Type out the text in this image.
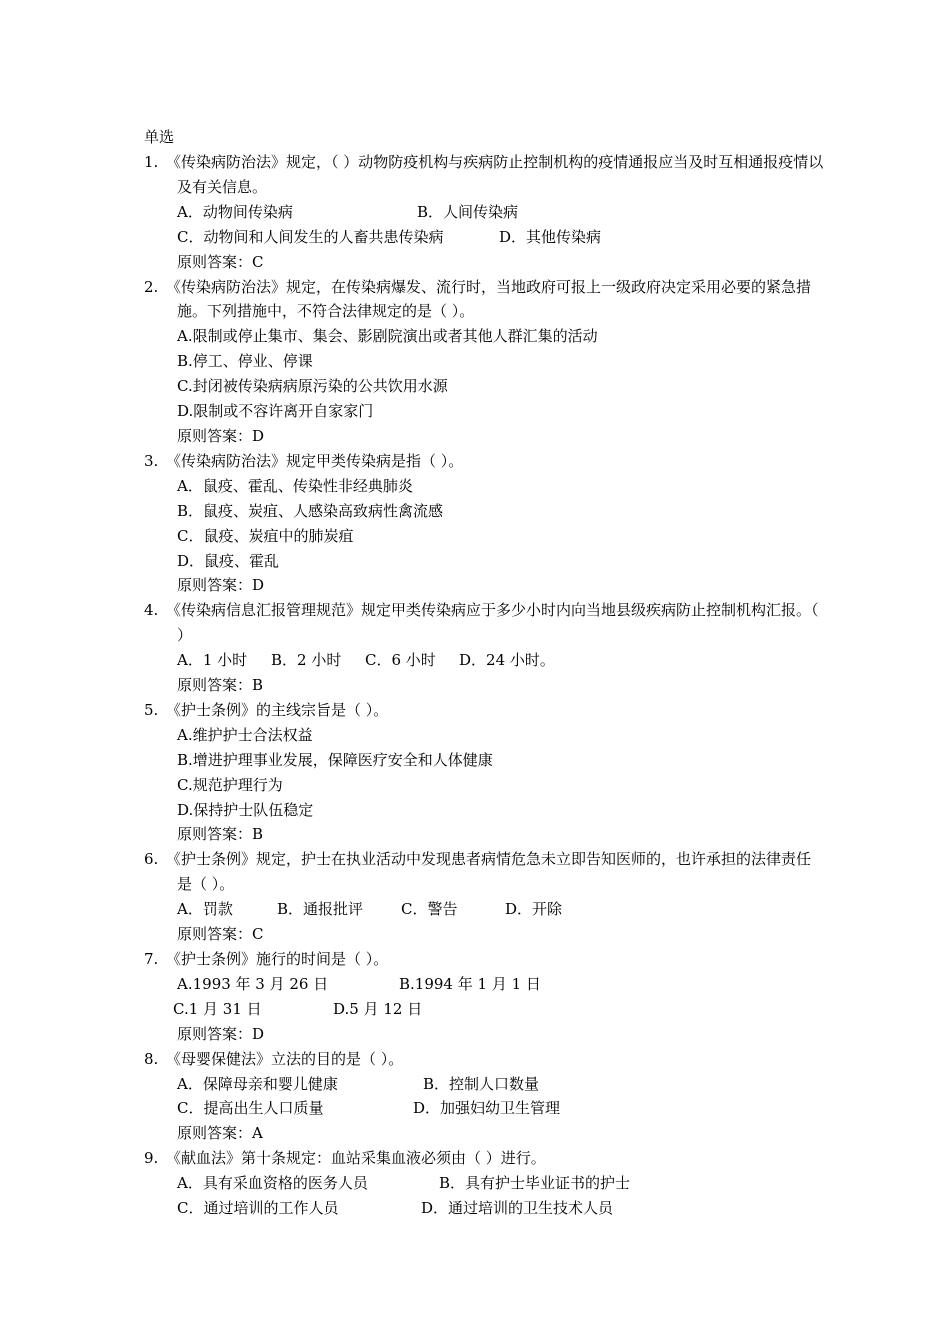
单选
1. 《传染病防治法》规定，（ ）动物防疫机构与疾病防止控制机构的疫情通报应当及时互相通报疫情以及有关信息。
A．动物间传染病	B．人间传染病
C．动物间和人间发生的人畜共患传染病	D．其他传染病
原则答案：C
2. 《传染病防治法》规定，在传染病爆发、流行时，当地政府可报上一级政府决定采用必要的紧急措施。下列措施中，不符合法律规定的是（ ）。
A.限制或停止集市、集会、影剧院演出或者其他人群汇集的活动
B.停工、停业、停课
C.封闭被传染病病原污染的公共饮用水源
D.限制或不容许离开自家家门
原则答案：D
3. 《传染病防治法》规定甲类传染病是指（ ）。
A．鼠疫、霍乱、传染性非经典肺炎
B．鼠疫、炭疽、人感染高致病性禽流感
C．鼠疫、炭疽中的肺炭疽
D．鼠疫、霍乱
原则答案：D
4. 《传染病信息汇报管理规范》规定甲类传染病应于多少小时内向当地县级疾病防止控制机构汇报。（ ）
A．1 小时 B．2 小时 C．6 小时 D．24 小时。
原则答案：B
5. 《护士条例》的主线宗旨是（ ）。
A.维护护士合法权益
B.增进护理事业发展，保障医疗安全和人体健康
C.规范护理行为
D.保持护士队伍稳定
原则答案：B
6. 《护士条例》规定，护士在执业活动中发现患者病情危急未立即告知医师的，也许承担的法律责任是（ ）。
A．罚款	B．通报批评	C．警告	D．开除
原则答案：C
7. 《护士条例》施行的时间是（ ）。
A.1993 年 3 月 26 日	B.1994 年 1 月 1 日
C.1 月 31 日	D.5 月 12 日
原则答案：D
8. 《母婴保健法》立法的目的是（ ）。
A．保障母亲和婴儿健康	B．控制人口数量
C．提高出生人口质量	D．加强妇幼卫生管理
原则答案：A
9. 《献血法》第十条规定：血站采集血液必须由（ ）进行。
A．具有采血资格的医务人员	B．具有护士毕业证书的护士
C．通过培训的工作人员	D．通过培训的卫生技术人员
